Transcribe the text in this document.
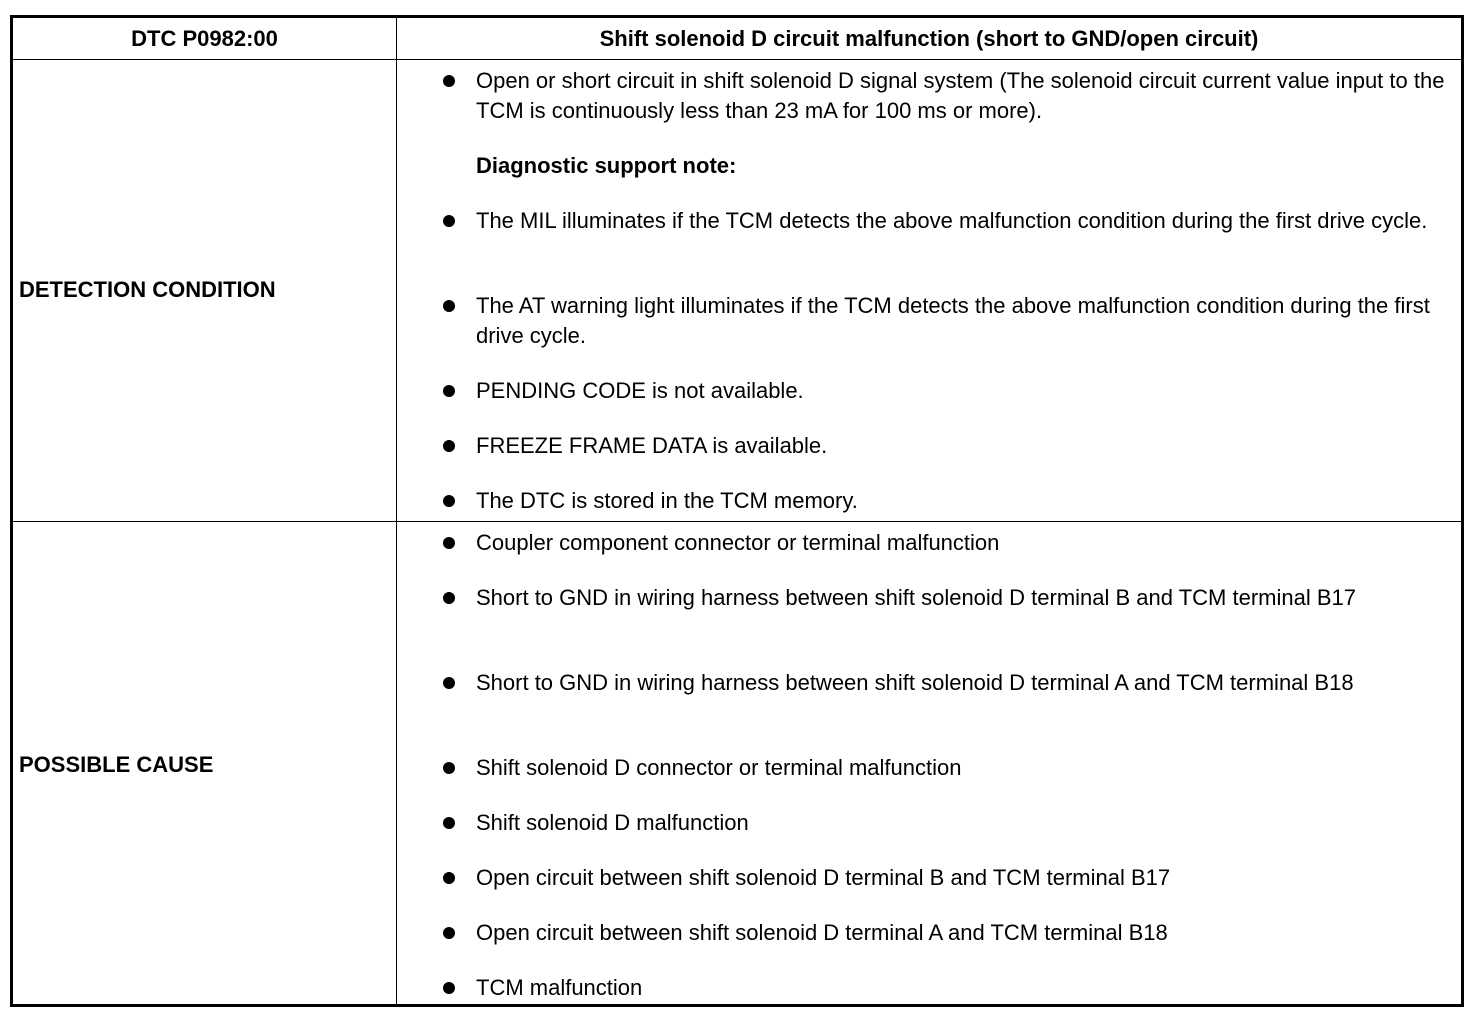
DTC P0982:00	Shift solenoid D circuit malfunction (short to GND/open circuit)
DETECTION CONDITION
POSSIBLE CAUSE
Open or short circuit in shift solenoid D signal system (The solenoid circuit current value input to the TCM is continuously less than 23 mA for 100 ms or more).
Diagnostic support note:
The MIL illuminates if the TCM detects the above malfunction condition during the first drive cycle.
The AT warning light illuminates if the TCM detects the above malfunction condition during the first drive cycle.
PENDING CODE is not available.
FREEZE FRAME DATA is available.
The DTC is stored in the TCM memory.
Coupler component connector or terminal malfunction
Short to GND in wiring harness between shift solenoid D terminal B and TCM terminal B17
Short to GND in wiring harness between shift solenoid D terminal A and TCM terminal B18
Shift solenoid D connector or terminal malfunction
Shift solenoid D malfunction
Open circuit between shift solenoid D terminal B and TCM terminal B17
Open circuit between shift solenoid D terminal A and TCM terminal B18
TCM malfunction
